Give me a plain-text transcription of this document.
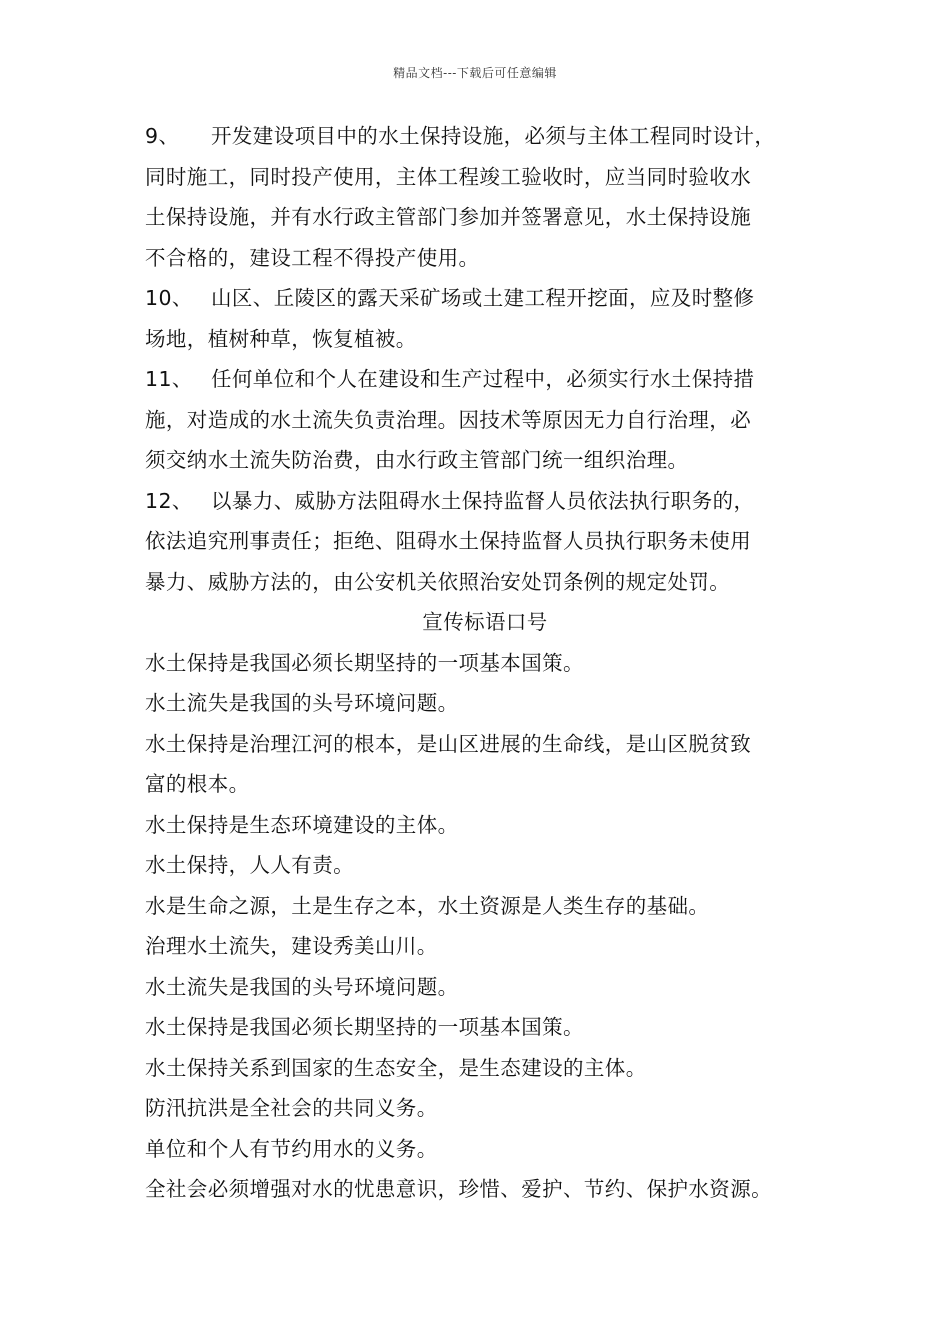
精品文档---下载后可任意编辑
9、 开发建设项目中的水土保持设施，必须与主体工程同时设计，
同时施工，同时投产使用，主体工程竣工验收时，应当同时验收水
土保持设施，并有水行政主管部门参加并签署意见，水土保持设施
不合格的，建设工程不得投产使用。
10、 山区、丘陵区的露天采矿场或土建工程开挖面，应及时整修
场地，植树种草，恢复植被。
11、 任何单位和个人在建设和生产过程中，必须实行水土保持措
施，对造成的水土流失负责治理。因技术等原因无力自行治理，必
须交纳水土流失防治费，由水行政主管部门统一组织治理。
12、 以暴力、威胁方法阻碍水土保持监督人员依法执行职务的，
依法追究刑事责任；拒绝、阻碍水土保持监督人员执行职务未使用
暴力、威胁方法的，由公安机关依照治安处罚条例的规定处罚。
宣传标语口号
水土保持是我国必须长期坚持的一项基本国策。
水土流失是我国的头号环境问题。
水土保持是治理江河的根本，是山区进展的生命线，是山区脱贫致
富的根本。
水土保持是生态环境建设的主体。
水土保持，人人有责。
水是生命之源，土是生存之本，水土资源是人类生存的基础。
治理水土流失，建设秀美山川。
水土流失是我国的头号环境问题。
水土保持是我国必须长期坚持的一项基本国策。
水土保持关系到国家的生态安全，是生态建设的主体。
防汛抗洪是全社会的共同义务。
单位和个人有节约用水的义务。
全社会必须增强对水的忧患意识，珍惜、爱护、节约、保护水资源。
